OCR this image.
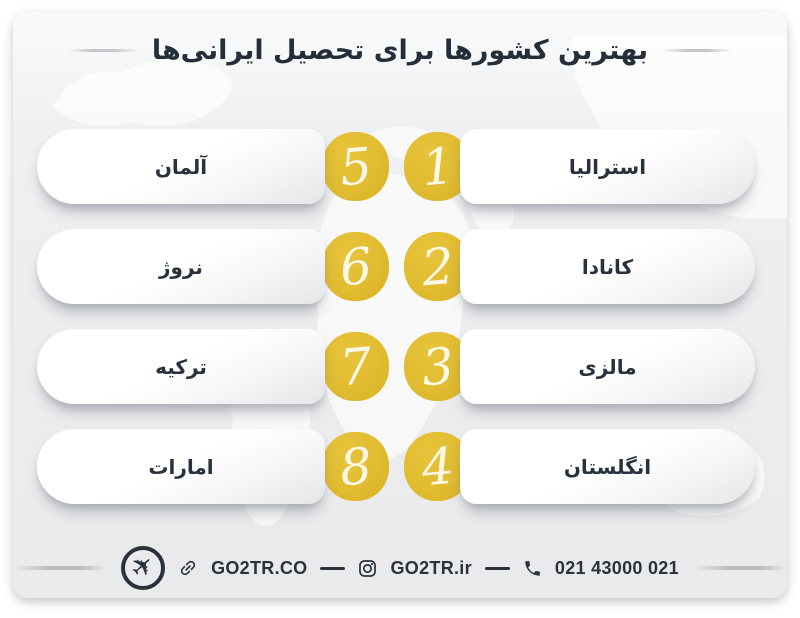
بهترین کشورها برای تحصیل ایرانی‌ها
1	استرالیا
5
آلمان
2	کانادا
6
نروژ
3	مالزی
7
ترکیه
4	انگلستان
8
امارات
✈	GO2TR.CO	GO2TR.ir	021 43000 021
